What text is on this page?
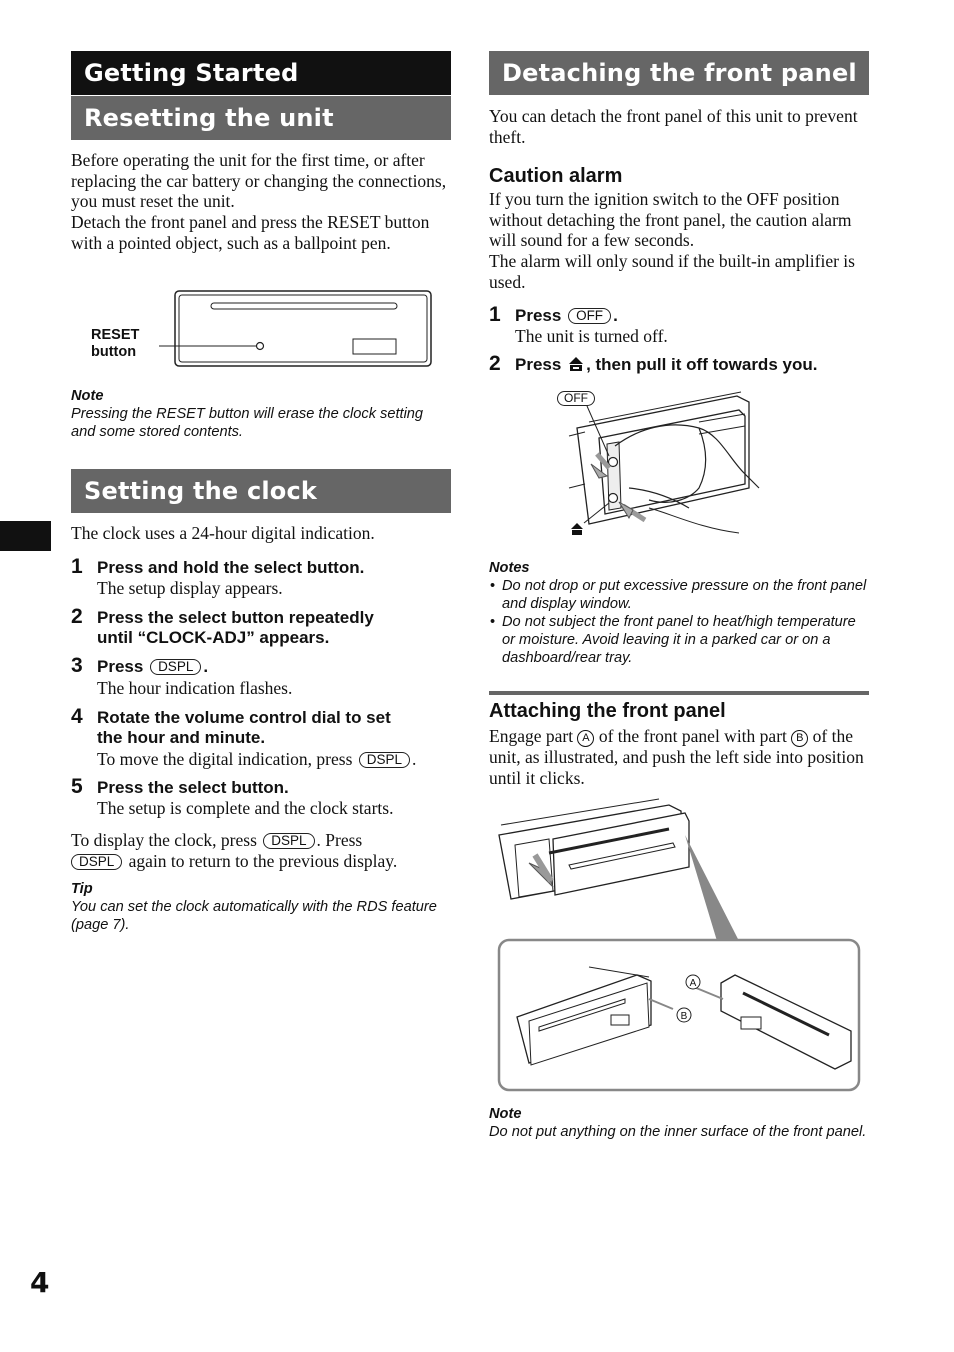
4
Getting Started
Resetting the unit
Before operating the unit for the first time, or after replacing the car battery or changing the connections, you must reset the unit.
Detach the front panel and press the RESET button with a pointed object, such as a ballpoint pen.
RESET
button
Note
Pressing the RESET button will erase the clock setting and some stored contents.
Setting the clock
The clock uses a 24-hour digital indication.
1 Press and hold the select button.
The setup display appears.
2 Press the select button repeatedly
until “CLOCK-ADJ” appears.
3 Press DSPL .
The hour indication flashes.
4 Rotate the volume control dial to set
the hour and minute.
To move the digital indication, press DSPL .
5 Press the select button.
The setup is complete and the clock starts.
To display the clock, press DSPL . Press
DSPL again to return to the previous display.
Tip
You can set the clock automatically with the RDS feature (page 7).
Detaching the front panel
You can detach the front panel of this unit to prevent theft.
Caution alarm
If you turn the ignition switch to the OFF position without detaching the front panel, the caution alarm will sound for a few seconds.
The alarm will only sound if the built-in amplifier is used.
1 Press OFF .
The unit is turned off.
2 Press , then pull it off towards you.
OFF
Notes
• Do not drop or put excessive pressure on the front panel and display window.
• Do not subject the front panel to heat/high temperature or moisture. Avoid leaving it in a parked car or on a dashboard/rear tray.
Attaching the front panel
Engage part A of the front panel with part B of the unit, as illustrated, and push the left side into position until it clicks.
A
B
Note
Do not put anything on the inner surface of the front panel.
